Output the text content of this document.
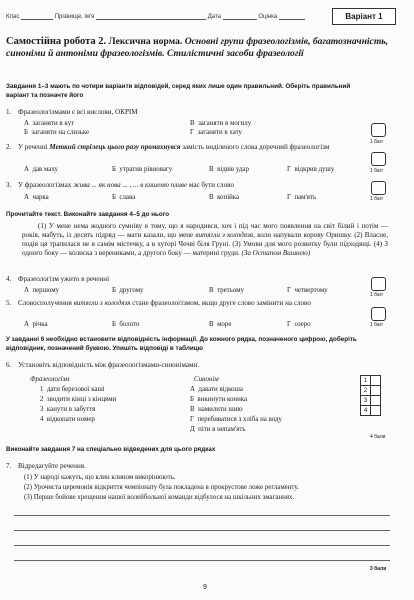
Клас	Прізвище, ім'я	Дата	Оцінка	Варіант 1
Самостійна робота 2. Лексична норма. Основні групи фразеологізмів, багатозначність, синоніми й антоніми фразеологізмів. Стилістичні засоби фразеології
Завдання 1–3 мають по чотири варіанти відповідей, серед яких лише один правильний. Оберіть правильний варіант та позначте його
1. Фразеологізмами є всі вислови, ОКРІМ
А заганяти в кут
Б заганяти на слизьке
В заганяти в могилу
Г заганяти в хату
1 бал
2. У реченні Меткий стрілець цього разу промахнувся замість виділеного слова доречний фразеологізм
А дав маху	Б утратив рівновагу	В відвів удар	Г відкрив душу	1 бал
3. У фразеологізмах жива ... як нова ... , ... в кишеню пливе має бути слово
А чарка	Б слава	В копійка	Г пам'ять	1 бал
Прочитайте текст. Виконайте завдання 4–5 до нього
(1) У мене нема жодного сумніву в тому, що я народився, хоч і під час мого появлення на світ білий і потім — років, мабуть, із десять підряд — мати казали, що мене витягли з колодязя, коли напували корову Оришку. (2) Власне, подія ця трапилася не в самім містечку, а в хуторі Чечві біля Груні. (3) Умови для мого розвитку були підходящі. (4) З одного боку — колиска з верениками, а другого боку — материні груди. (За Остапом Вишнею)
4. Фразеологізм ужито в реченні
А першому	Б другому	В третьому	Г четвертому
1 бал
5. Словосполучення витягли з колодязя стане фразеологізмом, якщо друге слово замінити на слово
А річка	Б болото	В море	Г озеро	1 бал
У завданні 6 необхідно встановити відповідність інформації. До кожного рядка, позначеного цифрою, доберіть відповідник, позначений буквою. Упишіть відповіді в таблицю
6. Установіть відповідність між фразеологізмами-синонімами.
Фразеологізм	Синонім
1 дати березової каші
2 зводити кінці з кінцями
3 канути в забуття
4 відкопати номер
А давати відкоша
Б викинути коника
В намилити шию
Г перебиватися з хліба на воду
Д піти в непам'ять
1	
2	
3	
4	
4 бали
Виконайте завдання 7 на спеціально відведених для цього рядках
7. Відредагуйте речення.
(1) У народі кажуть, що клин клином викорінюють.
(2) Урочиста церемонія відкриття чемпіонату була покладена в прокрустове ложе регламенту.
(3) Перше бойове хрещення нашої волейбольної команди відбулося на шкільних змаганнях.
3 бали
9
